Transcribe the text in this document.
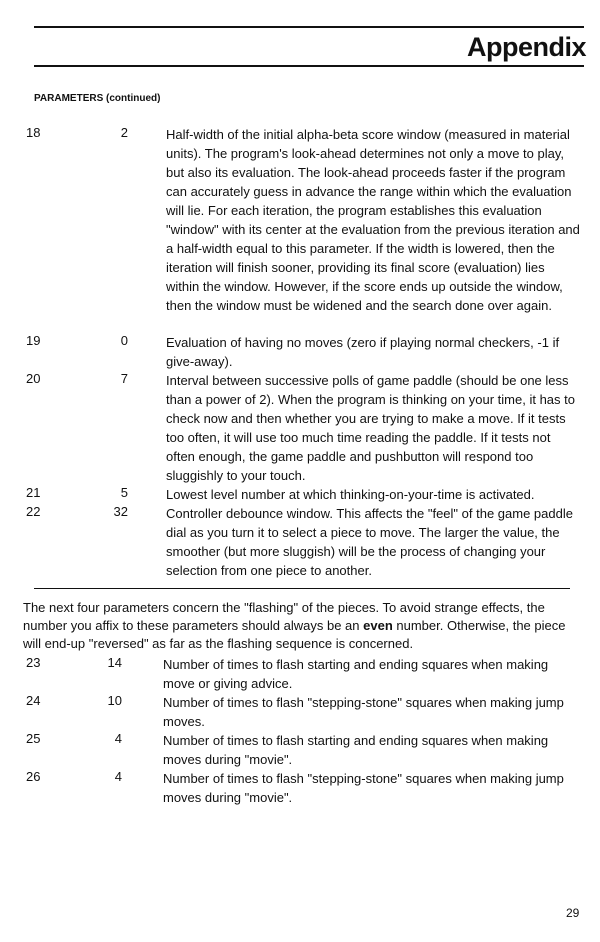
Appendix
PARAMETERS (continued)
18	2	Half-width of the initial alpha-beta score window (measured in material units). The program's look-ahead determines not only a move to play, but also its evaluation. The look-ahead proceeds faster if the program can accurately guess in advance the range within which the evaluation will lie. For each iteration, the program establishes this evaluation "window" with its center at the evaluation from the previous iteration and a half-width equal to this parameter. If the width is lowered, then the iteration will finish sooner, providing its final score (evaluation) lies within the window. However, if the score ends up outside the window, then the window must be widened and the search done over again.
19	0	Evaluation of having no moves (zero if playing normal checkers, -1 if give-away).
20	7	Interval between successive polls of game paddle (should be one less than a power of 2). When the program is thinking on your time, it has to check now and then whether you are trying to make a move. If it tests too often, it will use too much time reading the paddle. If it tests not often enough, the game paddle and pushbutton will respond too sluggishly to your touch.
21	5	Lowest level number at which thinking-on-your-time is activated.
22	32	Controller debounce window. This affects the "feel" of the game paddle dial as you turn it to select a piece to move. The larger the value, the smoother (but more sluggish) will be the process of changing your selection from one piece to another.
The next four parameters concern the "flashing" of the pieces. To avoid strange effects, the number you affix to these parameters should always be an even number. Otherwise, the piece will end-up "reversed" as far as the flashing sequence is concerned.
23	14	Number of times to flash starting and ending squares when making move or giving advice.
24	10	Number of times to flash "stepping-stone" squares when making jump moves.
25	4	Number of times to flash starting and ending squares when making moves during "movie".
26	4	Number of times to flash "stepping-stone" squares when making jump moves during "movie".
29
